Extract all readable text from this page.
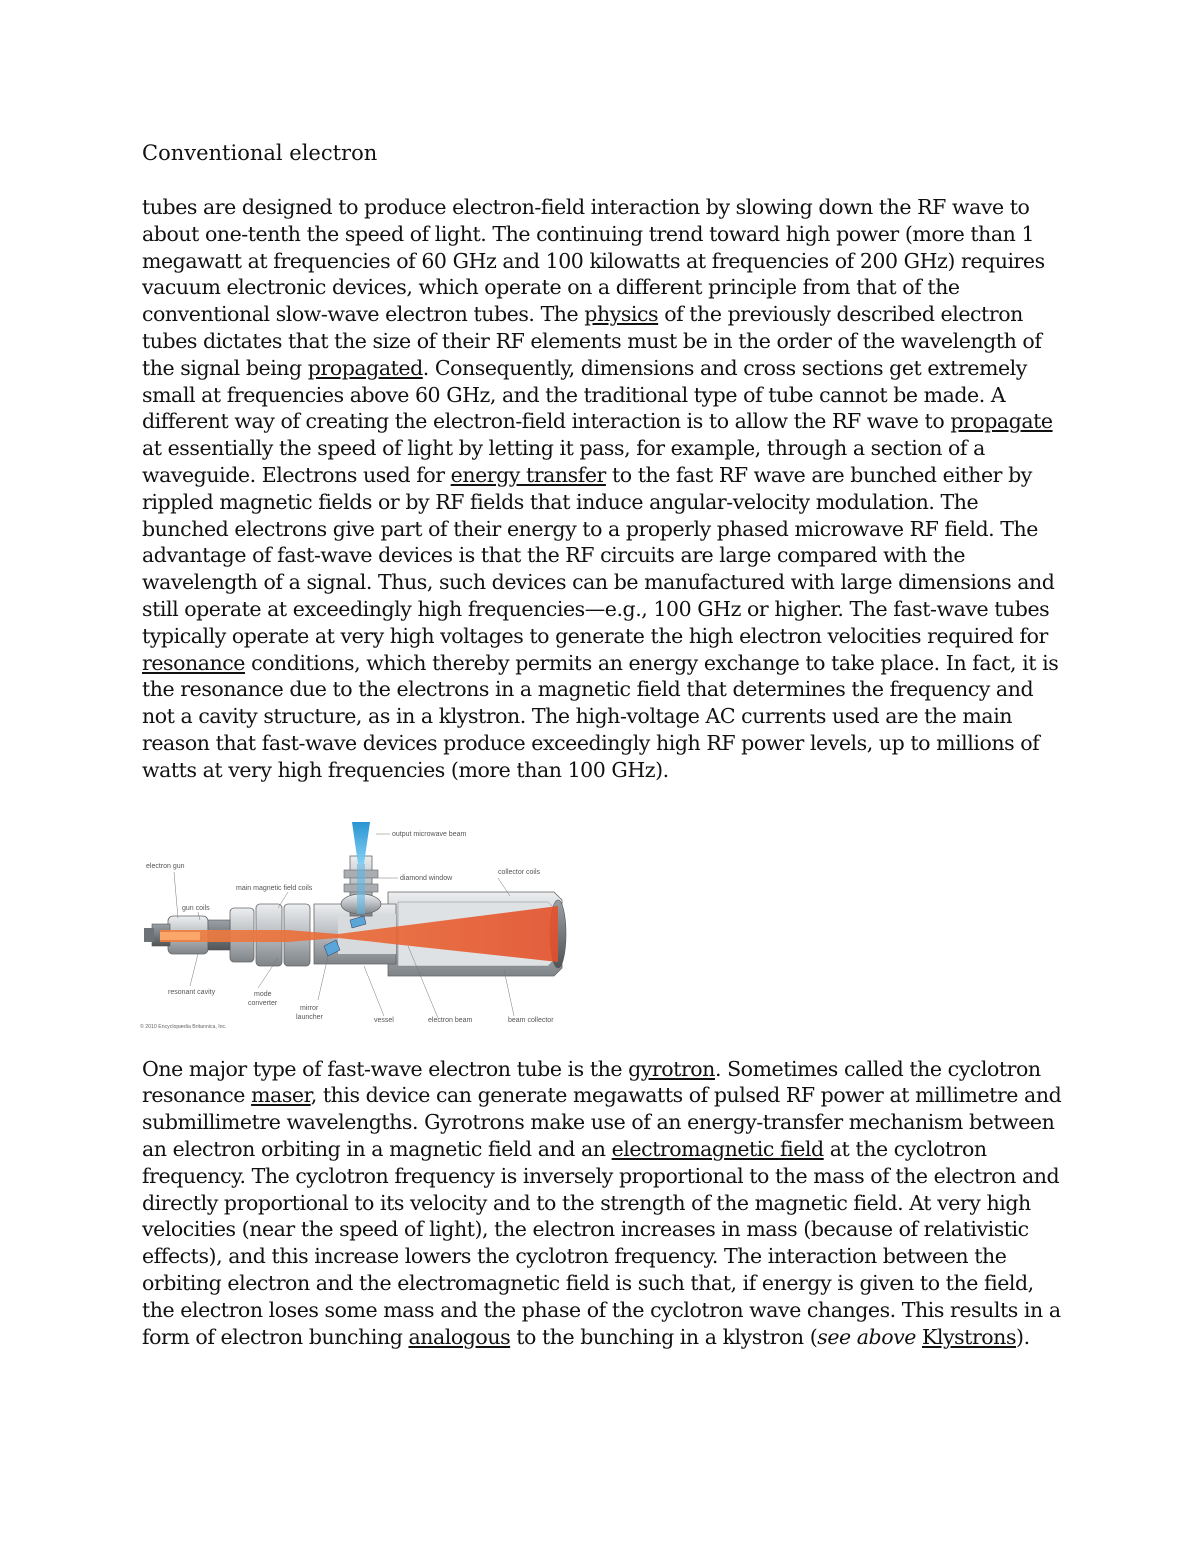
Conventional electron

tubes are designed to produce electron-field interaction by slowing down the RF wave to about one-tenth the speed of light. The continuing trend toward high power (more than 1 megawatt at frequencies of 60 GHz and 100 kilowatts at frequencies of 200 GHz) requires vacuum electronic devices, which operate on a different principle from that of the conventional slow-wave electron tubes. The physics of the previously described electron tubes dictates that the size of their RF elements must be in the order of the wavelength of the signal being propagated. Consequently, dimensions and cross sections get extremely small at frequencies above 60 GHz, and the traditional type of tube cannot be made. A different way of creating the electron-field interaction is to allow the RF wave to propagate at essentially the speed of light by letting it pass, for example, through a section of a waveguide. Electrons used for energy transfer to the fast RF wave are bunched either by rippled magnetic fields or by RF fields that induce angular-velocity modulation. The bunched electrons give part of their energy to a properly phased microwave RF field. The advantage of fast-wave devices is that the RF circuits are large compared with the wavelength of a signal. Thus, such devices can be manufactured with large dimensions and still operate at exceedingly high frequencies—e.g., 100 GHz or higher. The fast-wave tubes typically operate at very high voltages to generate the high electron velocities required for resonance conditions, which thereby permits an energy exchange to take place. In fact, it is the resonance due to the electrons in a magnetic field that determines the frequency and not a cavity structure, as in a klystron. The high-voltage AC currents used are the main reason that fast-wave devices produce exceedingly high RF power levels, up to millions of watts at very high frequencies (more than 100 GHz).

output microwave beam
diamond window
collector coils
electron gun
main magnetic field coils
gun coils
resonant cavity	mode converter
mirror launcher	vessel	electron beam	beam collector
© 2010 Encyclopædia Britannica, Inc.

One major type of fast-wave electron tube is the gyrotron. Sometimes called the cyclotron resonance maser, this device can generate megawatts of pulsed RF power at millimetre and submillimetre wavelengths. Gyrotrons make use of an energy-transfer mechanism between an electron orbiting in a magnetic field and an electromagnetic field at the cyclotron frequency. The cyclotron frequency is inversely proportional to the mass of the electron and directly proportional to its velocity and to the strength of the magnetic field. At very high velocities (near the speed of light), the electron increases in mass (because of relativistic effects), and this increase lowers the cyclotron frequency. The interaction between the orbiting electron and the electromagnetic field is such that, if energy is given to the field, the electron loses some mass and the phase of the cyclotron wave changes. This results in a form of electron bunching analogous to the bunching in a klystron (see above Klystrons).
